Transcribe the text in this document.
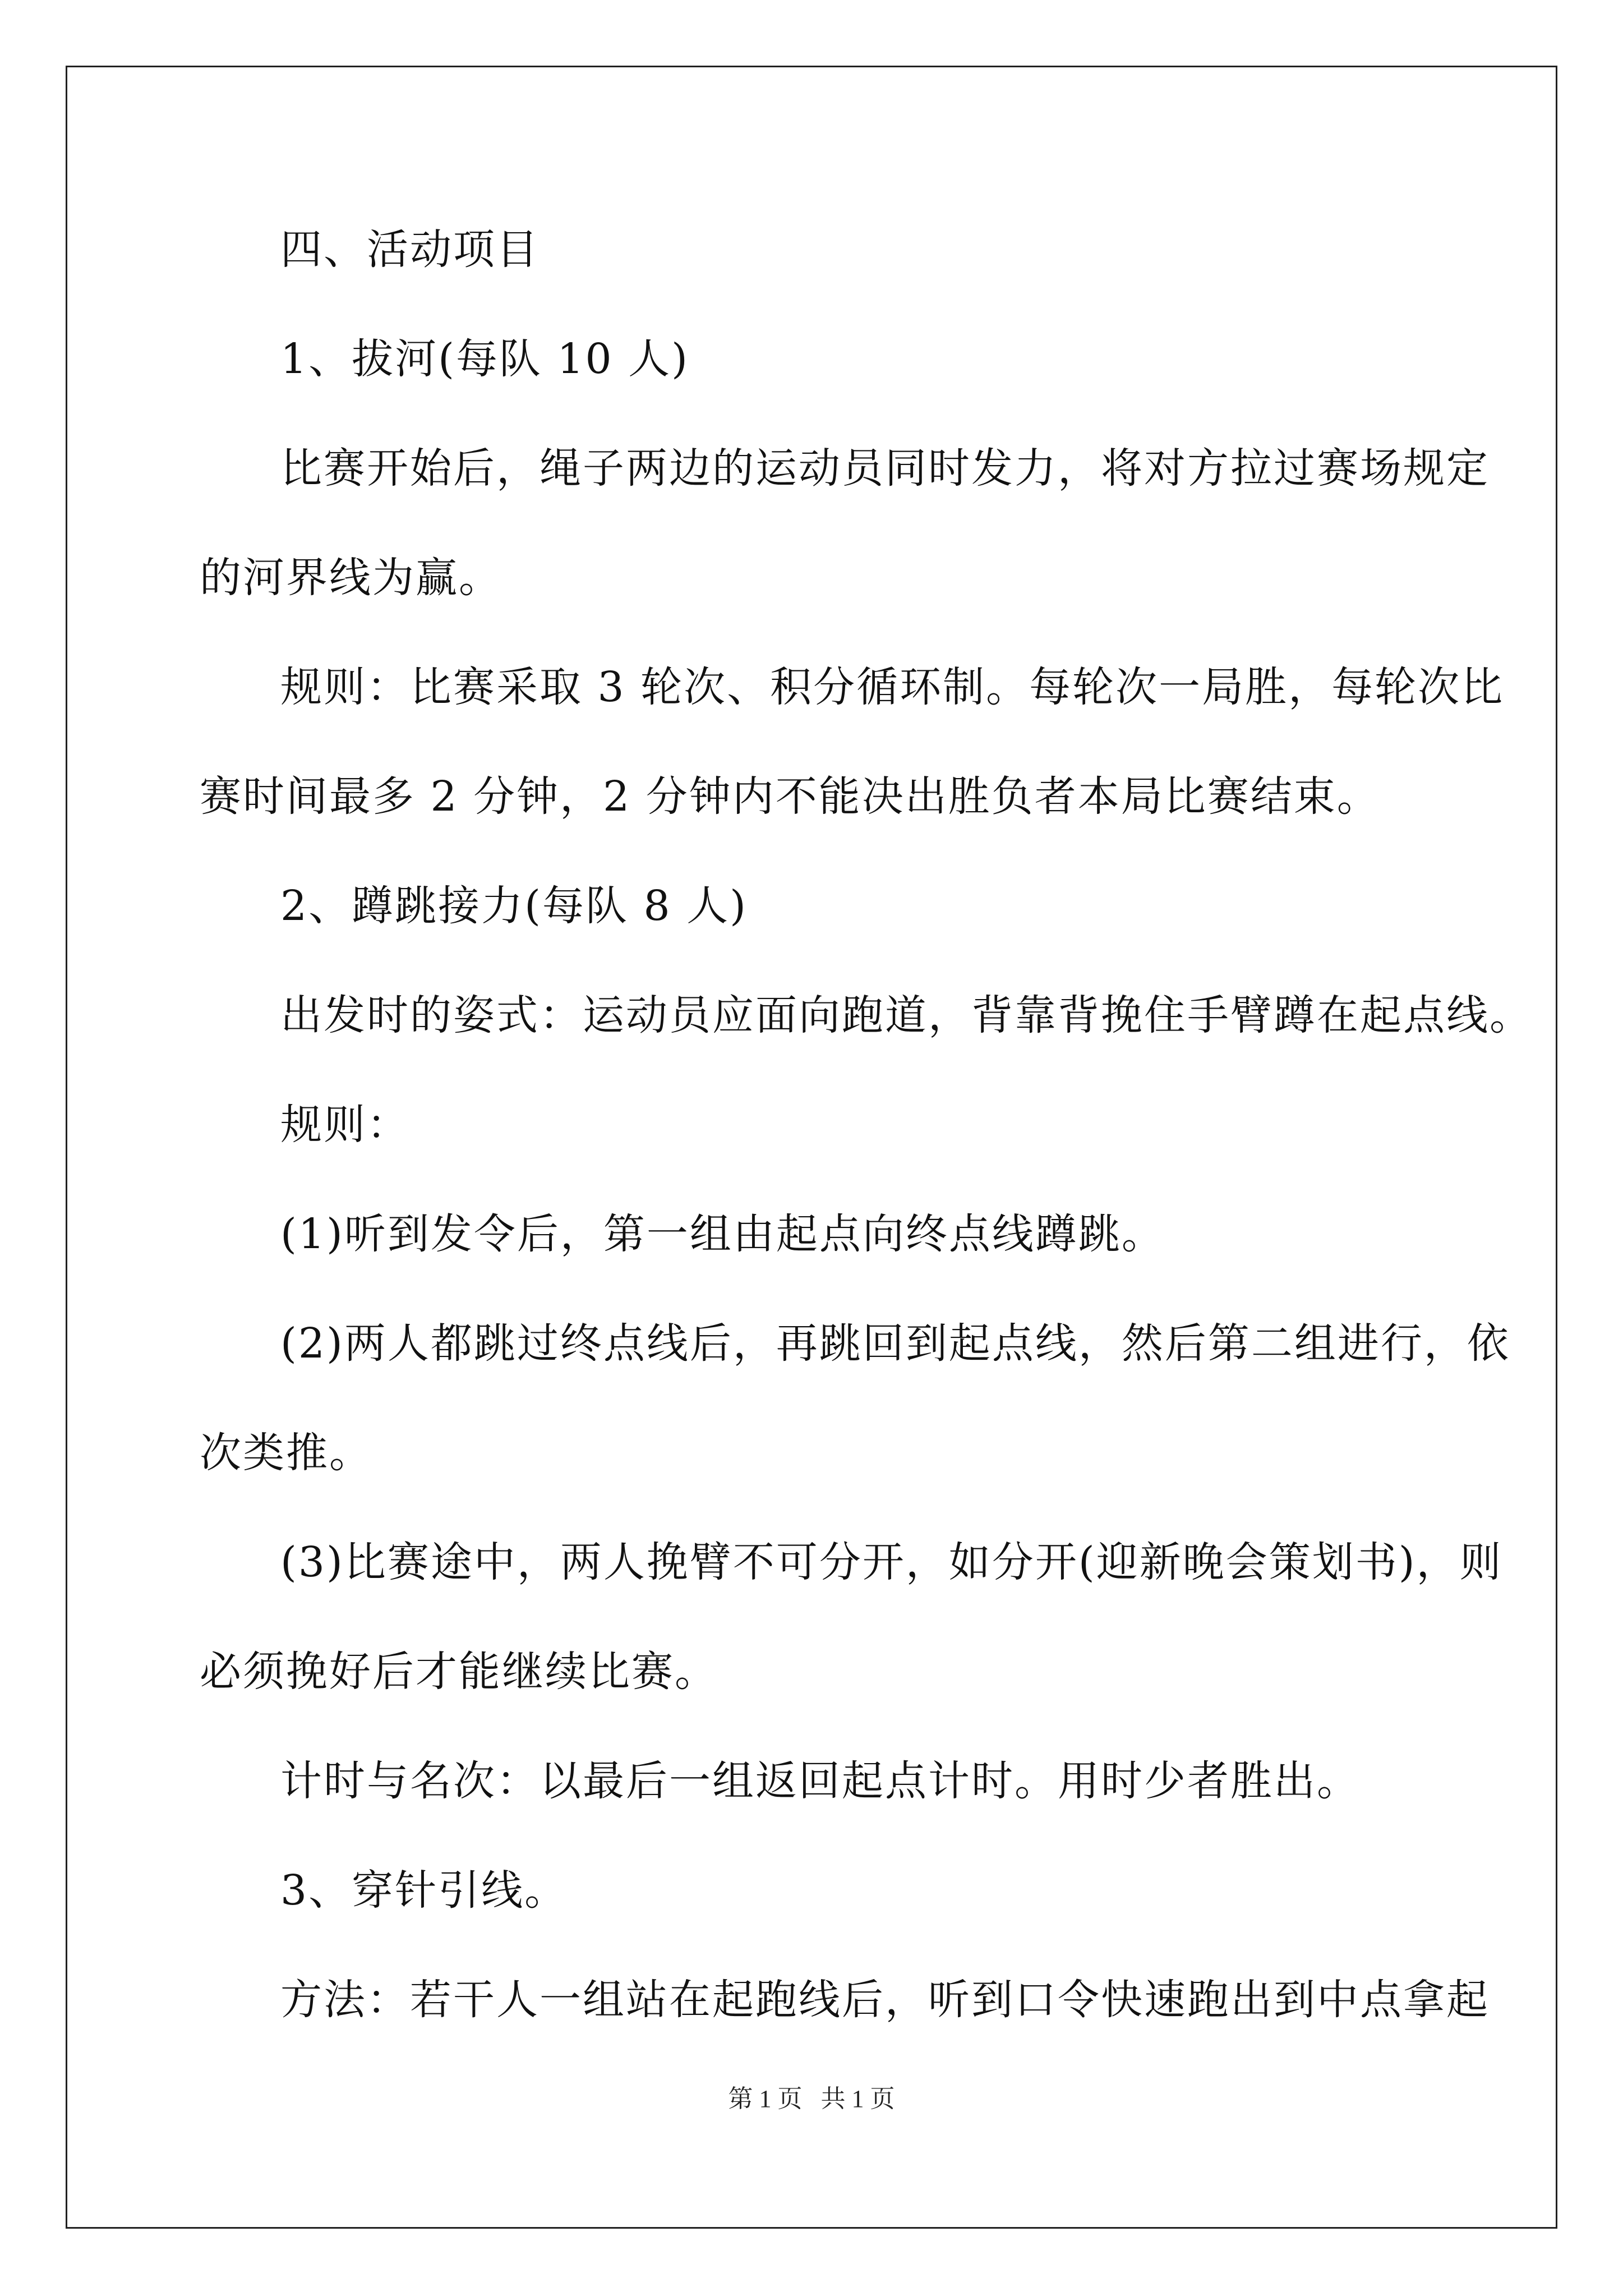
四、活动项目
1、拔河(每队 10 人)
比赛开始后，绳子两边的运动员同时发力，将对方拉过赛场规定
的河界线为赢。
规则：比赛采取 3 轮次、积分循环制。每轮次一局胜，每轮次比
赛时间最多 2 分钟，2 分钟内不能决出胜负者本局比赛结束。
2、蹲跳接力(每队 8 人)
出发时的姿式：运动员应面向跑道，背靠背挽住手臂蹲在起点线。
规则：
(1)听到发令后，第一组由起点向终点线蹲跳。
(2)两人都跳过终点线后，再跳回到起点线，然后第二组进行，依
次类推。
(3)比赛途中，两人挽臂不可分开，如分开(迎新晚会策划书)，则
必须挽好后才能继续比赛。
计时与名次：以最后一组返回起点计时。用时少者胜出。
3、穿针引线。
方法：若干人一组站在起跑线后，听到口令快速跑出到中点拿起
第 1 页   共 1 页
